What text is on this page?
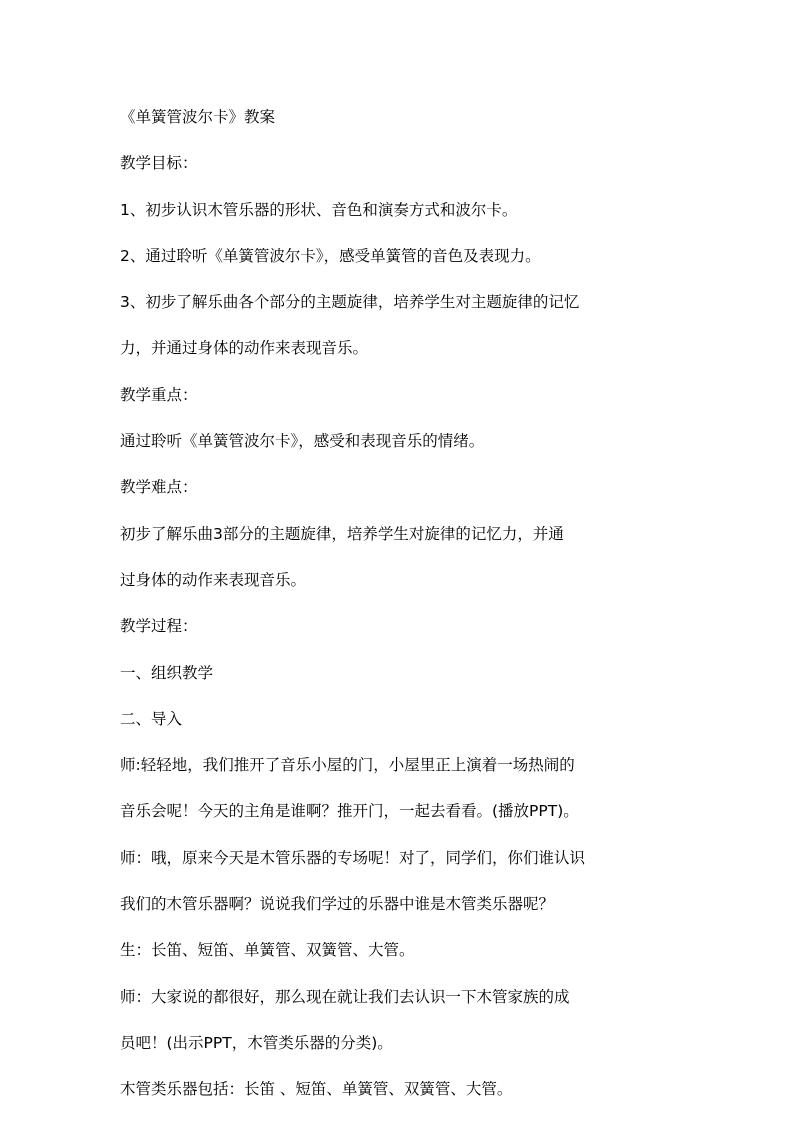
《单簧管波尔卡》教案
教学目标：
1、初步认识木管乐器的形状、音色和演奏方式和波尔卡。
2、通过聆听《单簧管波尔卡》，感受单簧管的音色及表现力。
3、初步了解乐曲各个部分的主题旋律，培养学生对主题旋律的记忆
力，并通过身体的动作来表现音乐。
教学重点：
通过聆听《单簧管波尔卡》，感受和表现音乐的情绪。
教学难点：
初步了解乐曲3部分的主题旋律，培养学生对旋律的记忆力，并通
过身体的动作来表现音乐。
教学过程：
一、组织教学
二、导入
师:轻轻地，我们推开了音乐小屋的门，小屋里正上演着一场热闹的
音乐会呢！今天的主角是谁啊？推开门，一起去看看。(播放PPT)。
师：哦，原来今天是木管乐器的专场呢！对了，同学们，你们谁认识
我们的木管乐器啊？说说我们学过的乐器中谁是木管类乐器呢？
生：长笛、短笛、单簧管、双簧管、大管。
师：大家说的都很好，那么现在就让我们去认识一下木管家族的成
员吧！(出示PPT，木管类乐器的分类)。
木管类乐器包括：长笛 、短笛、单簧管、双簧管、大管。
